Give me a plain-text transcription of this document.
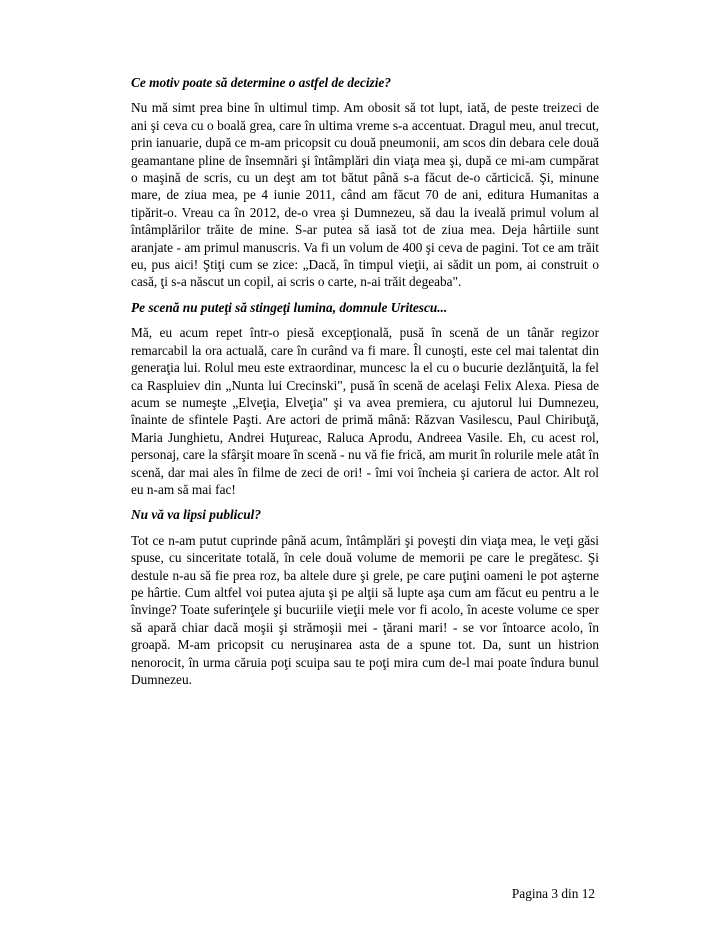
Ce motiv poate să determine o astfel de decizie?

Nu mă simt prea bine în ultimul timp. Am obosit să tot lupt, iată, de peste treizeci de ani şi ceva cu o boală grea, care în ultima vreme s-a accentuat. Dragul meu, anul trecut, prin ianuarie, după ce m-am pricopsit cu două pneumonii, am scos din debara cele două geamantane pline de însemnări şi întâmplări din viaţa mea şi, după ce mi-am cumpărat o maşină de scris, cu un deşt am tot bătut până s-a făcut de-o cărticică. Şi, minune mare, de ziua mea, pe 4 iunie 2011, când am făcut 70 de ani, editura Humanitas a tipărit-o. Vreau ca în 2012, de-o vrea şi Dumnezeu, să dau la iveală primul volum al întâmplărilor trăite de mine. S-ar putea să iasă tot de ziua mea. Deja hârtiile sunt aranjate - am primul manuscris. Va fi un volum de 400 şi ceva de pagini. Tot ce am trăit eu, pus aici! Ştiţi cum se zice: „Dacă, în timpul vieţii, ai sădit un pom, ai construit o casă, ţi s-a născut un copil, ai scris o carte, n-ai trăit degeaba".

Pe scenă nu puteţi să stingeţi lumina, domnule Uritescu...

Mă, eu acum repet într-o piesă excepţională, pusă în scenă de un tânăr regizor remarcabil la ora actuală, care în curând va fi mare. Îl cunoşti, este cel mai talentat din generaţia lui. Rolul meu este extraordinar, muncesc la el cu o bucurie dezlănţuită, la fel ca Raspluiev din „Nunta lui Crecinski", pusă în scenă de acelaşi Felix Alexa. Piesa de acum se numeşte „Elveţia, Elveţia" şi va avea premiera, cu ajutorul lui Dumnezeu, înainte de sfintele Paşti. Are actori de primă mână: Răzvan Vasilescu, Paul Chiribuţă, Maria Junghietu, Andrei Huţureac, Raluca Aprodu, Andreea Vasile. Eh, cu acest rol, personaj, care la sfârşit moare în scenă - nu vă fie frică, am murit în rolurile mele atât în scenă, dar mai ales în filme de zeci de ori! - îmi voi încheia şi cariera de actor. Alt rol eu n-am să mai fac!

Nu vă va lipsi publicul?

Tot ce n-am putut cuprinde până acum, întâmplări şi poveşti din viaţa mea, le veţi găsi spuse, cu sinceritate totală, în cele două volume de memorii pe care le pregătesc. Şi destule n-au să fie prea roz, ba altele dure şi grele, pe care puţini oameni le pot aşterne pe hârtie. Cum altfel voi putea ajuta şi pe alţii să lupte aşa cum am făcut eu pentru a le învinge? Toate suferinţele şi bucuriile vieţii mele vor fi acolo, în aceste volume ce sper să apară chiar dacă moşii şi strămoşii mei - ţărani mari! - se vor întoarce acolo, în groapă. M-am pricopsit cu neruşinarea asta de a spune tot. Da, sunt un histrion nenorocit, în urma căruia poţi scuipa sau te poţi mira cum de-l mai poate îndura bunul Dumnezeu.

Pagina 3 din 12
